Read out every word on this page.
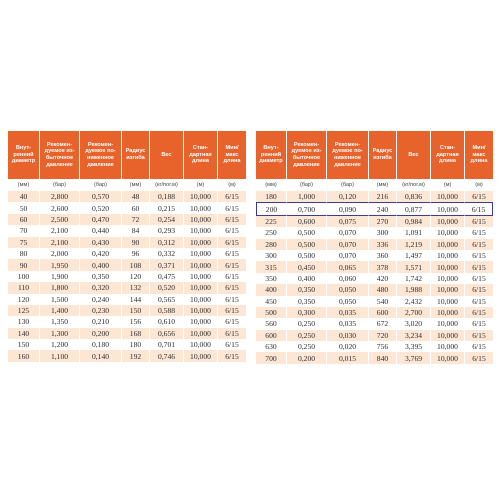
Внут-
ренний
диаметр	Рекомен-
дуемое из-
быточное
давление	Рекомен-
дуемое по-
ниженное
давление	Радиус
изгиба	Вес	Стан-
дартная
длина	Мин/
макс
длина
(мм)	(бар)	(бар)	(мм)	(кг/пог.м)	(м)	(м)
40	2,800	0,570	48	0,188	10,000	6/15
50	2,600	0,520	60	0,215	10,000	6/15
60	2,500	0,470	72	0,254	10,000	6/15
70	2,100	0,440	84	0,293	10,000	6/15
75	2,100	0,430	90	0,312	10,000	6/15
80	2,000	0,420	96	0,332	10,000	6/15
90	1,950	0,400	108	0,371	10,000	6/15
100	1,900	0,350	120	0,475	10,000	6/15
110	1,800	0,320	132	0,520	10,000	6/15
120	1,500	0,240	144	0,565	10,000	6/15
125	1,400	0,230	150	0,588	10,000	6/15
130	1,350	0,210	156	0,610	10,000	6/15
140	1,300	0,200	168	0,656	10,000	6/15
150	1,200	0,180	180	0,701	10,000	6/15
160	1,100	0,140	192	0,746	10,000	6/15
Внут-
ренний
диаметр	Рекомен-
дуемое из-
быточное
давление	Рекомен-
дуемое по-
ниженное
давление	Радиус
изгиба	Вес	Стан-
дартная
длина	Мин/
макс
длина
(мм)	(бар)	(бар)	(мм)	(кг/пог.м)	(м)	(м)
180	1,000	0,120	216	0,836	10,000	6/15
200	0,700	0,090	240	0,877	10,000	6/15
225	0,600	0,075	270	0,984	10,000	6/15
250	0,500	0,070	300	1,091	10,000	6/15
280	0,500	0,070	336	1,219	10,000	6/15
300	0,500	0,070	360	1,497	10,000	6/15
315	0,450	0,065	378	1,571	10,000	6/15
350	0,400	0,060	420	1,742	10,000	6/15
400	0,350	0,050	480	1,988	10,000	6/15
450	0,350	0,050	540	2,432	10,000	6/15
500	0,300	0,035	600	2,700	10,000	6/15
560	0,250	0,035	672	3,020	10,000	6/15
600	0,250	0,030	720	3,234	10,000	6/15
630	0,250	0,020	756	3,395	10,000	6/15
700	0,200	0,015	840	3,769	10,000	6/15
